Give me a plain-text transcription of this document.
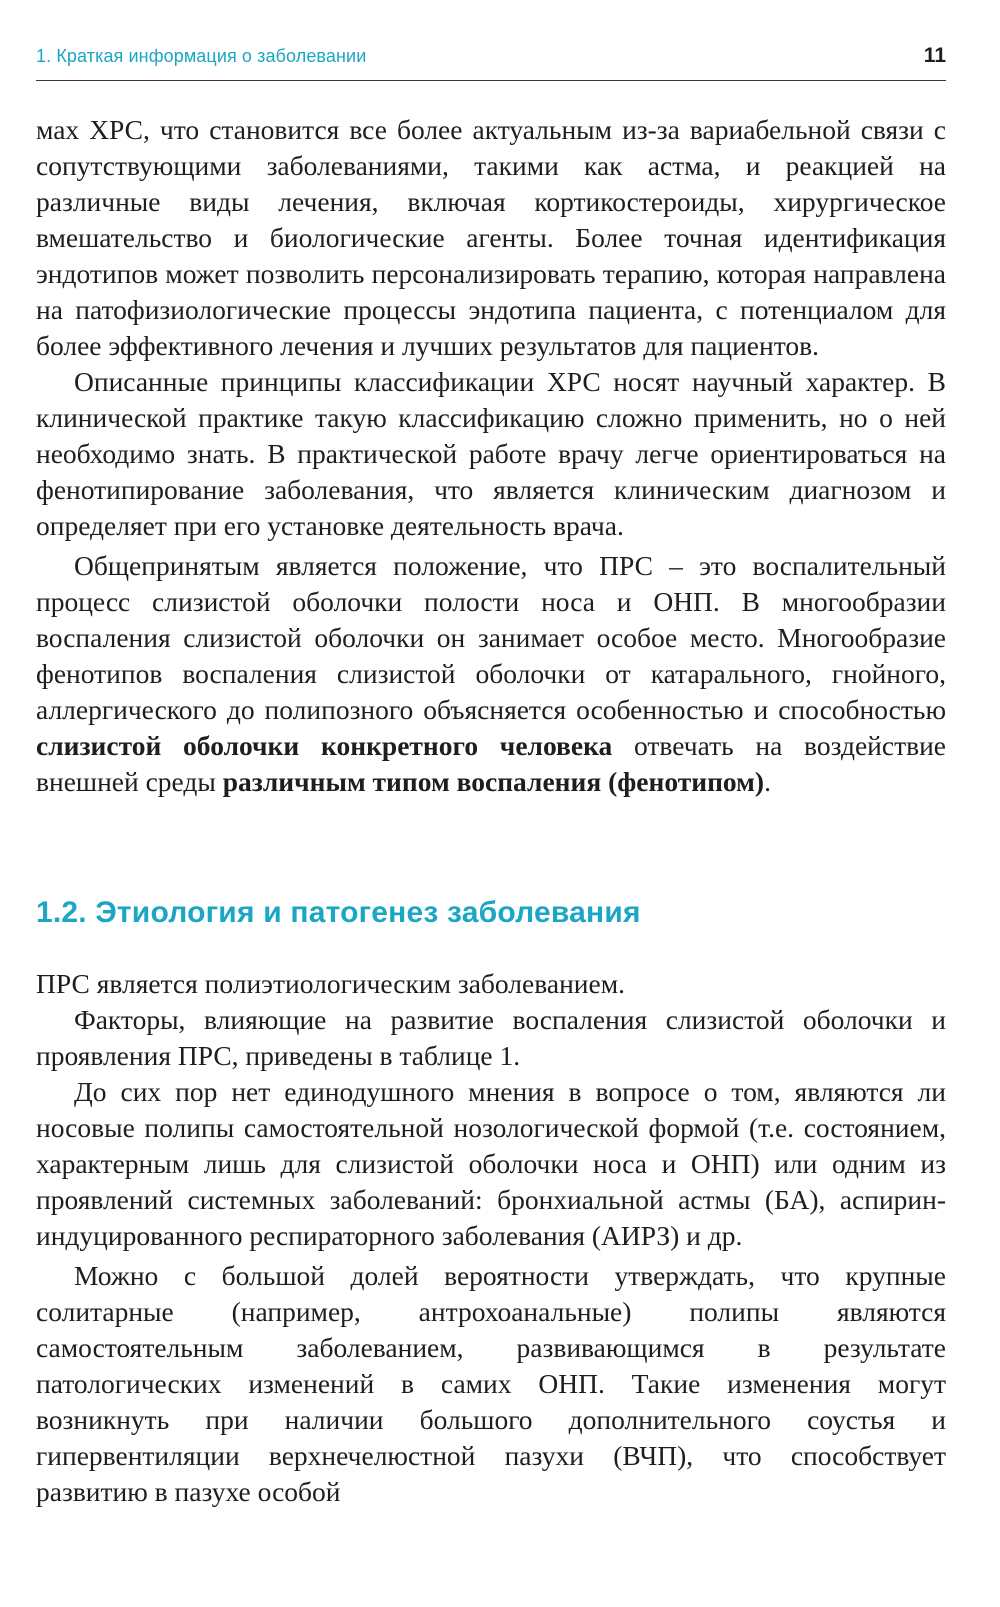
1. Краткая информация о заболевании	11

мах ХРС, что становится все более актуальным из-за вариабельной связи с сопутствующими заболеваниями, такими как астма, и реакцией на различные виды лечения, включая кортикостероиды, хирургическое вмешательство и биологические агенты. Более точная идентификация эндотипов может позволить персонализировать терапию, которая направлена на патофизиологические процессы эндотипа пациента, с потенциалом для более эффективного лечения и лучших результатов для пациентов.

Описанные принципы классификации ХРС носят научный характер. В клинической практике такую классификацию сложно применить, но о ней необходимо знать. В практической работе врачу легче ориентироваться на фенотипирование заболевания, что является клиническим диагнозом и определяет при его установке деятельность врача.

Общепринятым является положение, что ПРС – это воспалительный процесс слизистой оболочки полости носа и ОНП. В многообразии воспаления слизистой оболочки он занимает особое место. Многообразие фенотипов воспаления слизистой оболочки от катарального, гнойного, аллергического до полипозного объясняется особенностью и способностью слизистой оболочки конкретного человека отвечать на воздействие внешней среды различным типом воспаления (фенотипом).

1.2. Этиология и патогенез заболевания

ПРС является полиэтиологическим заболеванием.

Факторы, влияющие на развитие воспаления слизистой оболочки и проявления ПРС, приведены в таблице 1.

До сих пор нет единодушного мнения в вопросе о том, являются ли носовые полипы самостоятельной нозологической формой (т.е. состоянием, характерным лишь для слизистой оболочки носа и ОНП) или одним из проявлений системных заболеваний: бронхиальной астмы (БА), аспирин-индуцированного респираторного заболевания (АИРЗ) и др.

Можно с большой долей вероятности утверждать, что крупные солитарные (например, антрохоанальные) полипы являются самостоятельным заболеванием, развивающимся в результате патологических изменений в самих ОНП. Такие изменения могут возникнуть при наличии большого дополнительного соустья и гипервентиляции верхнечелюстной пазухи (ВЧП), что способствует развитию в пазухе особой
